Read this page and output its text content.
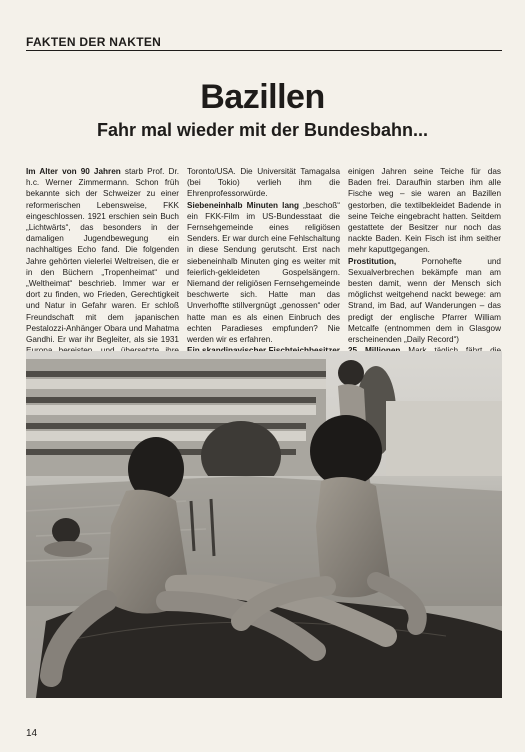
FAKTEN DER NAKTEN
Bazillen
Fahr mal wieder mit der Bundesbahn...

Im Alter von 90 Jahren starb Prof. Dr. h.c. Werner Zimmermann. Schon früh bekannte sich der Schweizer zu einer reformerischen Lebensweise, FKK eingeschlossen. 1921 erschien sein Buch „Lichtwärts“, das besonders in der damaligen Jugendbewegung ein nachhaltiges Echo fand. Die folgenden Jahre gehörten vielerlei Weltreisen, die er in den Büchern „Tropenheimat“ und „Weltheimat“ beschrieb. Immer war er dort zu finden, wo Frieden, Gerechtigkeit und Natur in Gefahr waren. Er schloß Freundschaft mit dem japanischen Pestalozzi-Anhänger Obara und Mahatma Gandhi. Er war ihr Begleiter, als sie 1931

Toronto/USA. Die Universität Tamagalsa (bei Tokio) verlieh ihm die Ehrenprofessorwürde.

Siebeneinhalb Minuten lang „beschoß“ ein FKK-Film im US-Bundesstaat die Fernsehgemeinde eines religiösen Senders. Er war durch eine Fehlschaltung in diese Sendung gerutscht. Erst nach siebeneinhalb Minuten ging es weiter mit feierlich-gekleideten Gospelsängern. Niemand der religiösen Fernsehgemeinde beschwerte sich. Hatte man das Unverhoffte stillvergnügt „genossen“ oder hatte man es als einen Einbruch des echten Paradieses empfunden? Nie werden wir es erfahren.

einigen Jahren seine Teiche für das Baden frei. Daraufhin starben ihm alle Fische weg – sie waren an Bazillen gestorben, die textilbekleidet Badende in seine Teiche eingebracht hatten. Seitdem gestattete der Besitzer nur noch das nackte Baden. Kein Fisch ist ihm seither mehr kaputtgegangen.

Prostitution, Pornohefte und Sexualverbrechen bekämpfe man am besten damit, wenn der Mensch sich möglichst weitgehend nackt bewege: am Strand, im Bad, auf Wanderungen – das predigt der englische Pfarrer William Metcalfe (entnommen dem in Glasgow erscheinenden „Daily Record“)

14
